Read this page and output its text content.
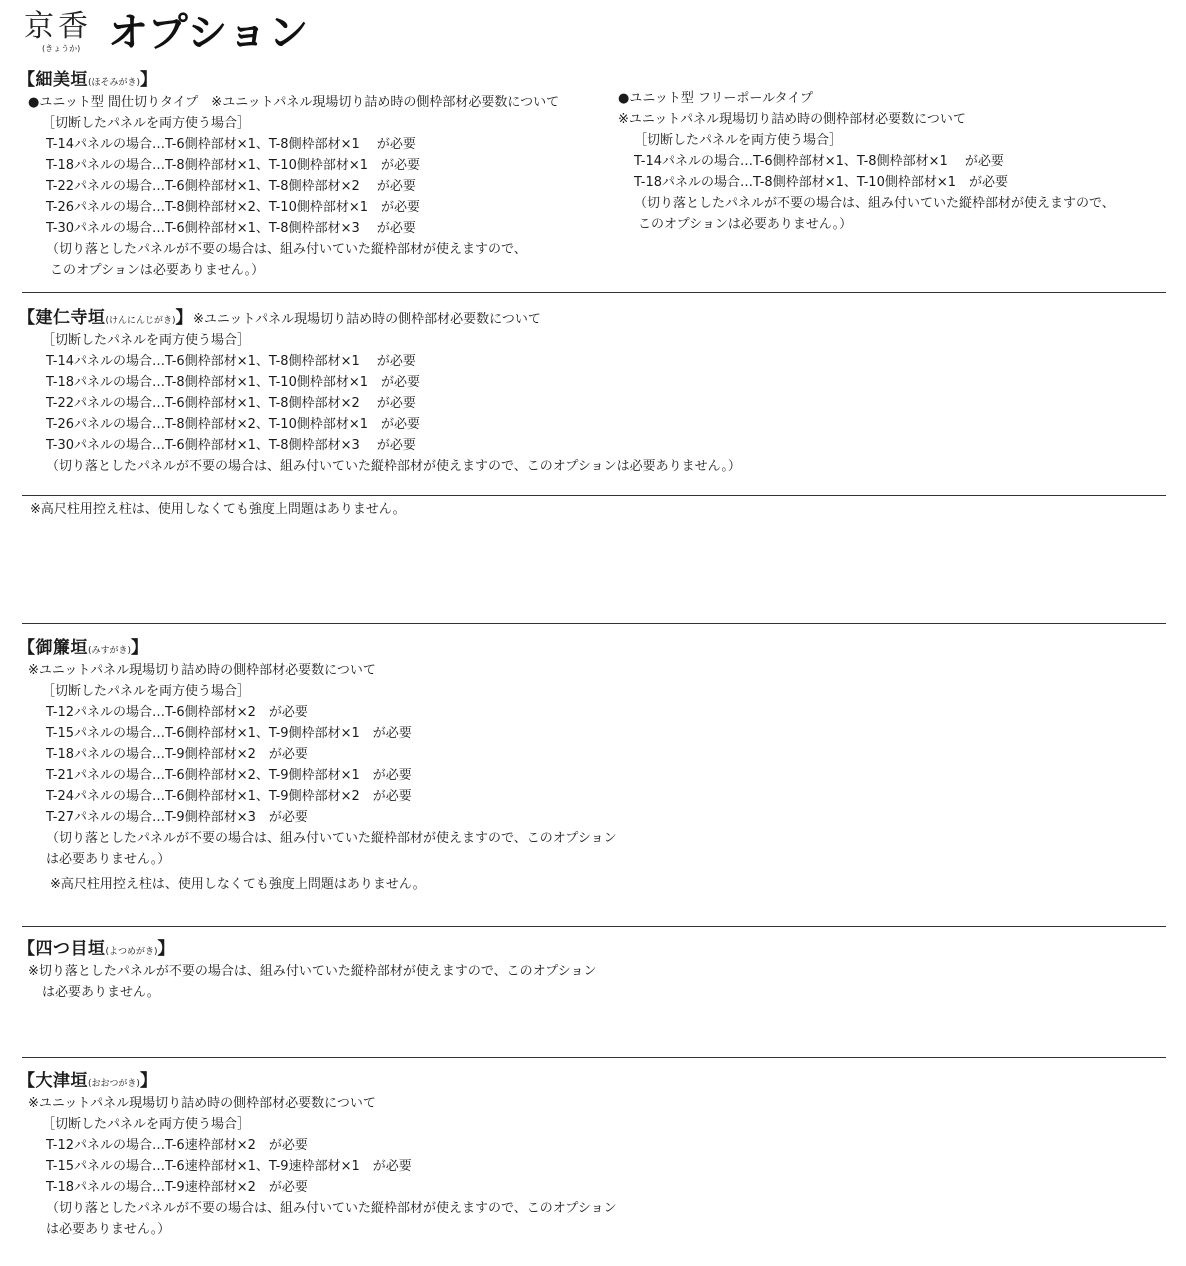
京香
(きょうか) オプション
【細美垣(ほそみがき)】
●ユニット型 間仕切りタイプ　※ユニットパネル現場切り詰め時の側枠部材必要数について
［切断したパネルを両方使う場合］
T-14パネルの場合…T-6側枠部材×1、T-8側枠部材×1　 が必要
T-18パネルの場合…T-8側枠部材×1、T-10側枠部材×1　が必要
T-22パネルの場合…T-6側枠部材×1、T-8側枠部材×2　 が必要
T-26パネルの場合…T-8側枠部材×2、T-10側枠部材×1　が必要
T-30パネルの場合…T-6側枠部材×1、T-8側枠部材×3　 が必要
（切り落としたパネルが不要の場合は、組み付いていた縦枠部材が使えますので、
このオプションは必要ありません。）
●ユニット型 フリーポールタイプ
※ユニットパネル現場切り詰め時の側枠部材必要数について
［切断したパネルを両方使う場合］
T-14パネルの場合…T-6側枠部材×1、T-8側枠部材×1　 が必要
T-18パネルの場合…T-8側枠部材×1、T-10側枠部材×1　が必要
（切り落としたパネルが不要の場合は、組み付いていた縦枠部材が使えますので、
このオプションは必要ありません。）
【建仁寺垣(けんにんじがき)】※ユニットパネル現場切り詰め時の側枠部材必要数について
［切断したパネルを両方使う場合］
T-14パネルの場合…T-6側枠部材×1、T-8側枠部材×1　 が必要
T-18パネルの場合…T-8側枠部材×1、T-10側枠部材×1　が必要
T-22パネルの場合…T-6側枠部材×1、T-8側枠部材×2　 が必要
T-26パネルの場合…T-8側枠部材×2、T-10側枠部材×1　が必要
T-30パネルの場合…T-6側枠部材×1、T-8側枠部材×3　 が必要
（切り落としたパネルが不要の場合は、組み付いていた縦枠部材が使えますので、このオプションは必要ありません。）
※高尺柱用控え柱は、使用しなくても強度上問題はありません。
【御簾垣(みすがき)】
※ユニットパネル現場切り詰め時の側枠部材必要数について
［切断したパネルを両方使う場合］
T-12パネルの場合…T-6側枠部材×2　が必要
T-15パネルの場合…T-6側枠部材×1、T-9側枠部材×1　が必要
T-18パネルの場合…T-9側枠部材×2　が必要
T-21パネルの場合…T-6側枠部材×2、T-9側枠部材×1　が必要
T-24パネルの場合…T-6側枠部材×1、T-9側枠部材×2　が必要
T-27パネルの場合…T-9側枠部材×3　が必要
（切り落としたパネルが不要の場合は、組み付いていた縦枠部材が使えますので、このオプション
は必要ありません。）
※高尺柱用控え柱は、使用しなくても強度上問題はありません。
【四つ目垣(よつめがき)】
※切り落としたパネルが不要の場合は、組み付いていた縦枠部材が使えますので、このオプション
は必要ありません。
【大津垣(おおつがき)】
※ユニットパネル現場切り詰め時の側枠部材必要数について
［切断したパネルを両方使う場合］
T-12パネルの場合…T-6速枠部材×2　が必要
T-15パネルの場合…T-6速枠部材×1、T-9速枠部材×1　が必要
T-18パネルの場合…T-9速枠部材×2　が必要
（切り落としたパネルが不要の場合は、組み付いていた縦枠部材が使えますので、このオプション
は必要ありません。）
